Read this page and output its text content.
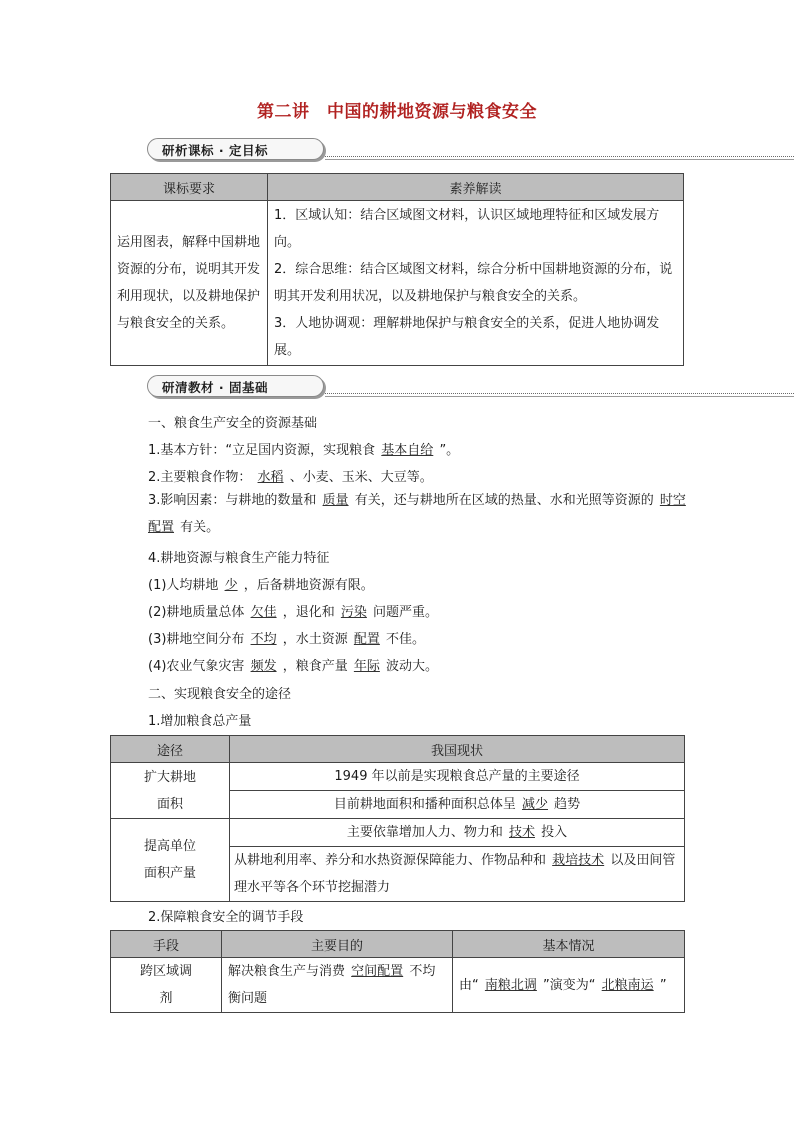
第二讲　中国的耕地资源与粮食安全
研析课标 · 定目标
课标要求	素养解读
运用图表，解释中国耕地资源的分布，说明其开发利用现状，以及耕地保护与粮食安全的关系。	1．区域认知：结合区域图文材料，认识区域地理特征和区域发展方向。
2．综合思维：结合区域图文材料，综合分析中国耕地资源的分布，说明其开发利用状况，以及耕地保护与粮食安全的关系。
3．人地协调观：理解耕地保护与粮食安全的关系，促进人地协调发展。
研清教材 · 固基础
一、粮食生产安全的资源基础
1.基本方针：“立足国内资源，实现粮食 基本自给 ”。
2.主要粮食作物： 水稻 、小麦、玉米、大豆等。
3.影响因素：与耕地的数量和 质量 有关，还与耕地所在区域的热量、水和光照等资源的 时空配置 有关。
4.耕地资源与粮食生产能力特征
(1)人均耕地 少 ，后备耕地资源有限。
(2)耕地质量总体 欠佳 ，退化和 污染 问题严重。
(3)耕地空间分布 不均 ，水土资源 配置 不佳。
(4)农业气象灾害 频发 ，粮食产量 年际 波动大。
二、实现粮食安全的途径
1.增加粮食总产量
途径	我国现状
扩大耕地面积	1949 年以前是实现粮食总产量的主要途径
	目前耕地面积和播种面积总体呈 减少 趋势
提高单位面积产量	主要依靠增加人力、物力和 技术 投入
	从耕地利用率、养分和水热资源保障能力、作物品种和 栽培技术 以及田间管理水平等各个环节挖掘潜力
2.保障粮食安全的调节手段
手段	主要目的	基本情况
跨区域调剂	解决粮食生产与消费 空间配置 不均衡问题	由“ 南粮北调 ”演变为“ 北粮南运 ”
